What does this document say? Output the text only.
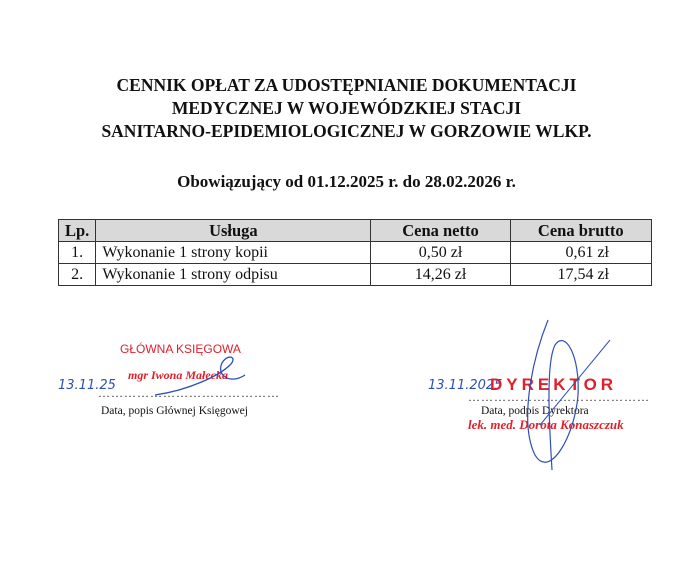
CENNIK OPŁAT ZA UDOSTĘPNIANIE DOKUMENTACJI
MEDYCZNEJ W WOJEWÓDZKIEJ STACJI
SANITARNO-EPIDEMIOLOGICZNEJ W GORZOWIE WLKP.
Obowiązujący od 01.12.2025 r. do 28.02.2026 r.
Lp.	Usługa	Cena netto	Cena brutto
1.	Wykonanie 1 strony kopii	0,50 zł	0,61 zł
2.	Wykonanie 1 strony odpisu	14,26 zł	17,54 zł
GŁÓWNA KSIĘGOWA
mgr Iwona Małecka
13.11.25
……………………………………
Data, popis Głównej Księgowej
13.11.2025
DYREKTOR
……………………………………
Data, podpis Dyrektora
lek. med. Dorota Konaszczuk
